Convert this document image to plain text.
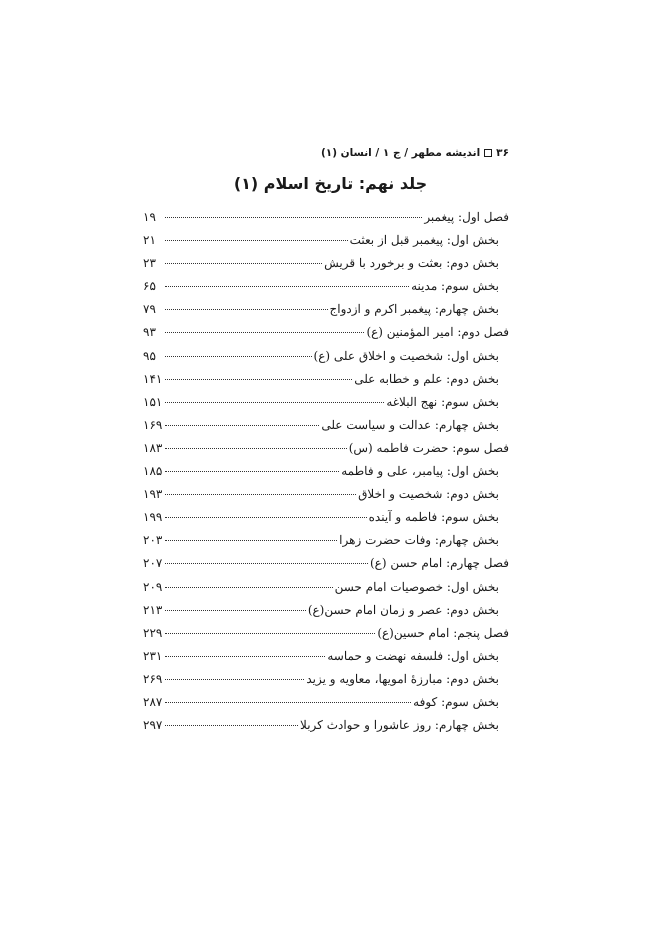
۳۶
اندیشه مطهر / ج ۱ / انسان (۱)
جلد نهم: تاریخ اسلام (۱)
فصل اول: پیغمبر
۱۹
بخش اول: پیغمبر قبل از بعثت
۲۱
بخش دوم: بعثت و برخورد با قریش
۲۳
بخش سوم: مدینه
۶۵
بخش چهارم: پیغمبر اکرم و ازدواج
۷۹
فصل دوم: امیر المؤمنین (ع)
۹۳
بخش اول: شخصیت و اخلاق علی (ع)
۹۵
بخش دوم: علم و خطابه علی
۱۴۱
بخش سوم: نهج البلاغه
۱۵۱
بخش چهارم: عدالت و سیاست علی
۱۶۹
فصل سوم: حضرت فاطمه (س)
۱۸۳
بخش اول: پیامبر، علی و فاطمه
۱۸۵
بخش دوم: شخصیت و اخلاق
۱۹۳
بخش سوم: فاطمه و آینده
۱۹۹
بخش چهارم: وفات حضرت زهرا
۲۰۳
فصل چهارم: امام حسن (ع)
۲۰۷
بخش اول: خصوصیات امام حسن
۲۰۹
بخش دوم: عصر و زمان امام حسن(ع)
۲۱۳
فصل پنجم: امام حسین(ع)
۲۲۹
بخش اول: فلسفه نهضت و حماسه
۲۳۱
بخش دوم: مبارزهٔ امویها، معاویه و یزید
۲۶۹
بخش سوم: کوفه
۲۸۷
بخش چهارم: روز عاشورا و حوادث کربلا
۲۹۷
